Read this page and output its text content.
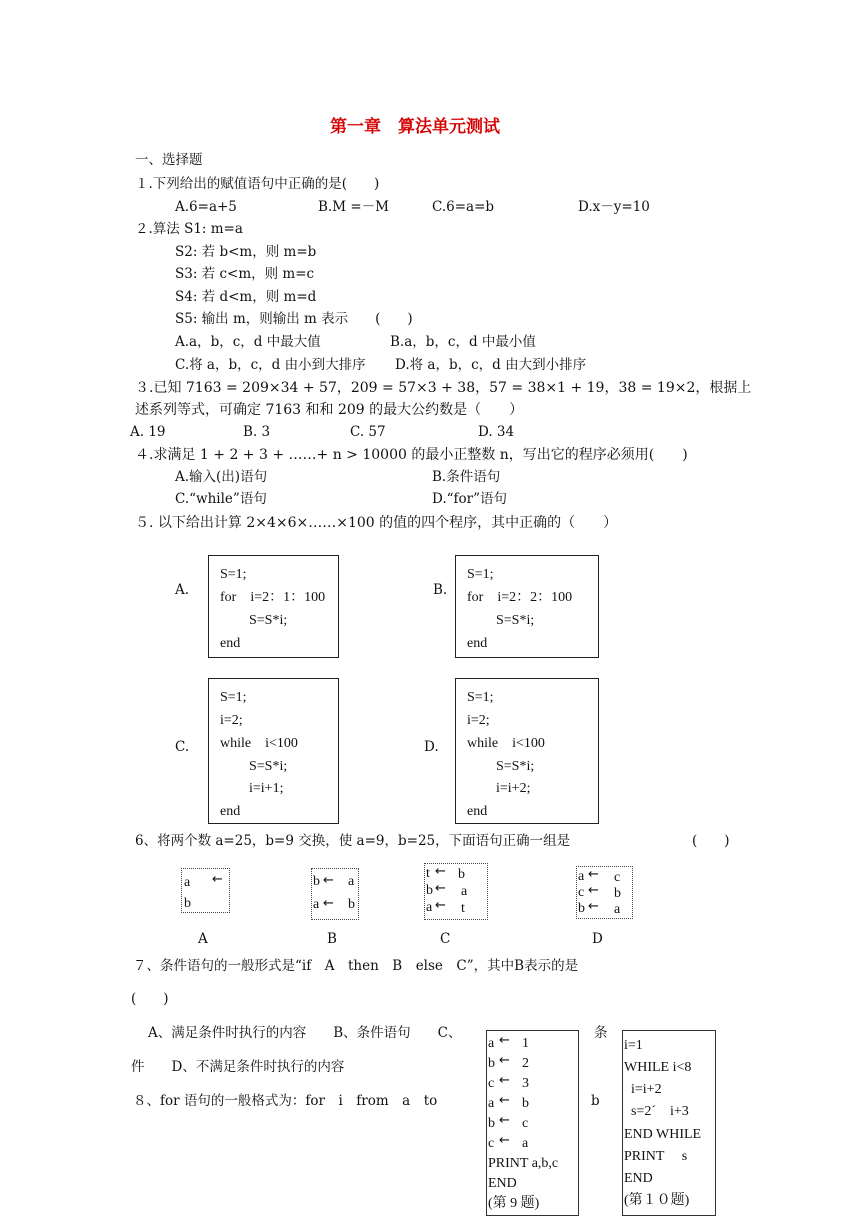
第一章　算法单元测试
一、选择题
１.下列给出的赋值语句中正确的是(　　)
A.6=a+5	B.M =－M	C.6=a=b	D.x－y=10
２.算法 S1: m=a
S2: 若 b<m，则 m=b
S3: 若 c<m，则 m=c
S4: 若 d<m，则 m=d
S5: 输出 m，则输出 m 表示　　(　　)
A.a，b，c，d 中最大值	B.a，b，c，d 中最小值
C.将 a，b，c，d 由小到大排序 D.将 a，b，c，d 由大到小排序
３.已知 7163 = 209×34 + 57，209 = 57×3 + 38，57 = 38×1 + 19，38 = 19×2，根据上
述系列等式，可确定 7163 和和 209 的最大公约数是（　　）
A. 19	B. 3	C. 57	D. 34
４.求满足 1 + 2 + 3 + ……+ n > 10000 的最小正整数 n，写出它的程序必须用(　　)
A.输入(出)语句	B.条件语句
C.“while”语句	D.“for”语句
５. 以下给出计算 2×4×6×……×100 的值的四个程序，其中正确的（　　）
A.
S=1;
for　i=2：1：100
S=S*i;
end
B.
S=1;
for　i=2：2：100
S=S*i;
end
C.
S=1;
i=2;
while　i<100
S=S*i;
i=i+1;
end
D.
S=1;
i=2;
while　i<100
S=S*i;
i=i+2;
end
6、将两个数 a=25，b=9 交换，使 a=9，b=25，下面语句正确一组是	(　　)
a ←
b
b ← a
a ← b
t ← b
b ← a
a ← t
a ← c
c ← b
b ← a
A	B	C	D
７、条件语句的一般形式是“if　A　then　B　else　C”，其中B表示的是
(　　)
A、满足条件时执行的内容　　B、条件语句　　C、	条
件　　D、不满足条件时执行的内容
８、for 语句的一般格式为：for　i　from　a　to	b
a ← 1
b ← 2
c ← 3
a ← b
b ← c
c ← a
PRINT a,b,c
END
(第 9 题)
i=1
WHILE i<8
i=i+2
s=2ˊ　i+3
END WHILE
PRINT　 s
END
(第１０题)
